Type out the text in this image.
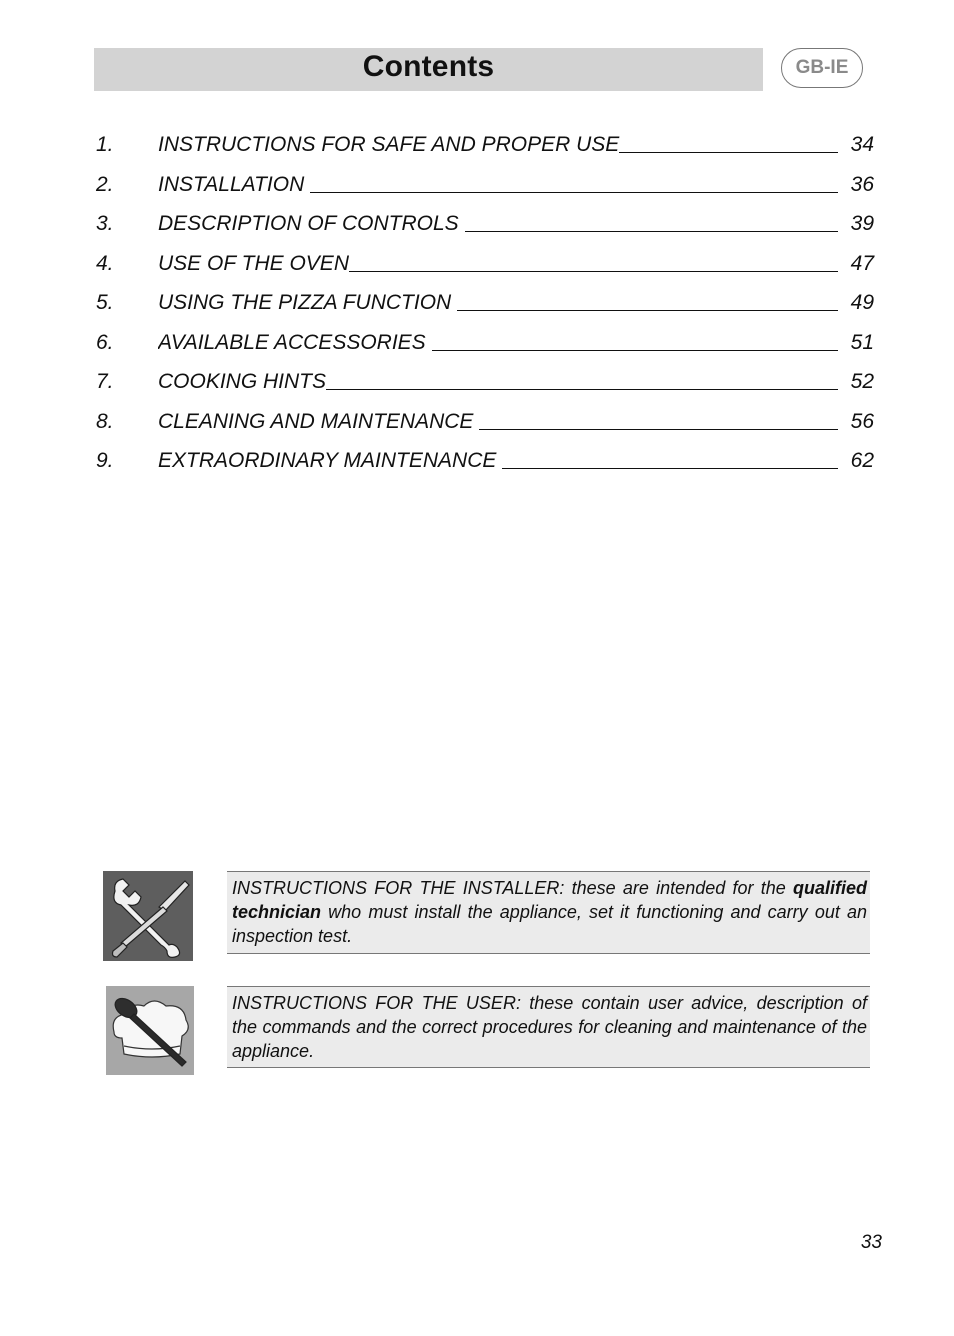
Contents	GB-IE
1. INSTRUCTIONS FOR SAFE AND PROPER USE	34
2. INSTALLATION	36
3. DESCRIPTION OF CONTROLS	39
4. USE OF THE OVEN	47
5. USING THE PIZZA FUNCTION	49
6. AVAILABLE ACCESSORIES	51
7. COOKING HINTS	52
8. CLEANING AND MAINTENANCE	56
9. EXTRAORDINARY MAINTENANCE	62
INSTRUCTIONS FOR THE INSTALLER: these are intended for the qualified technician who must install the appliance, set it functioning and carry out an inspection test.
INSTRUCTIONS FOR THE USER: these contain user advice, description of the commands and the correct procedures for cleaning and maintenance of the appliance.
33
